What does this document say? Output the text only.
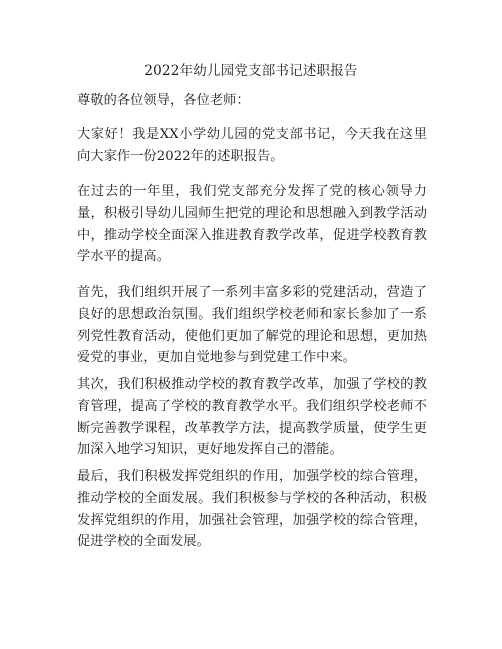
2022年幼儿园党支部书记述职报告

尊敬的各位领导，各位老师：

大家好！我是XX小学幼儿园的党支部书记，今天我在这里向大家作一份2022年的述职报告。

在过去的一年里，我们党支部充分发挥了党的核心领导力量，积极引导幼儿园师生把党的理论和思想融入到教学活动中，推动学校全面深入推进教育教学改革，促进学校教育教学水平的提高。

首先，我们组织开展了一系列丰富多彩的党建活动，营造了良好的思想政治氛围。我们组织学校老师和家长参加了一系列党性教育活动，使他们更加了解党的理论和思想，更加热爱党的事业，更加自觉地参与到党建工作中来。

其次，我们积极推动学校的教育教学改革，加强了学校的教育管理，提高了学校的教育教学水平。我们组织学校老师不断完善教学课程，改革教学方法，提高教学质量，使学生更加深入地学习知识，更好地发挥自己的潜能。

最后，我们积极发挥党组织的作用，加强学校的综合管理，推动学校的全面发展。我们积极参与学校的各种活动，积极发挥党组织的作用，加强社会管理，加强学校的综合管理，促进学校的全面发展。
